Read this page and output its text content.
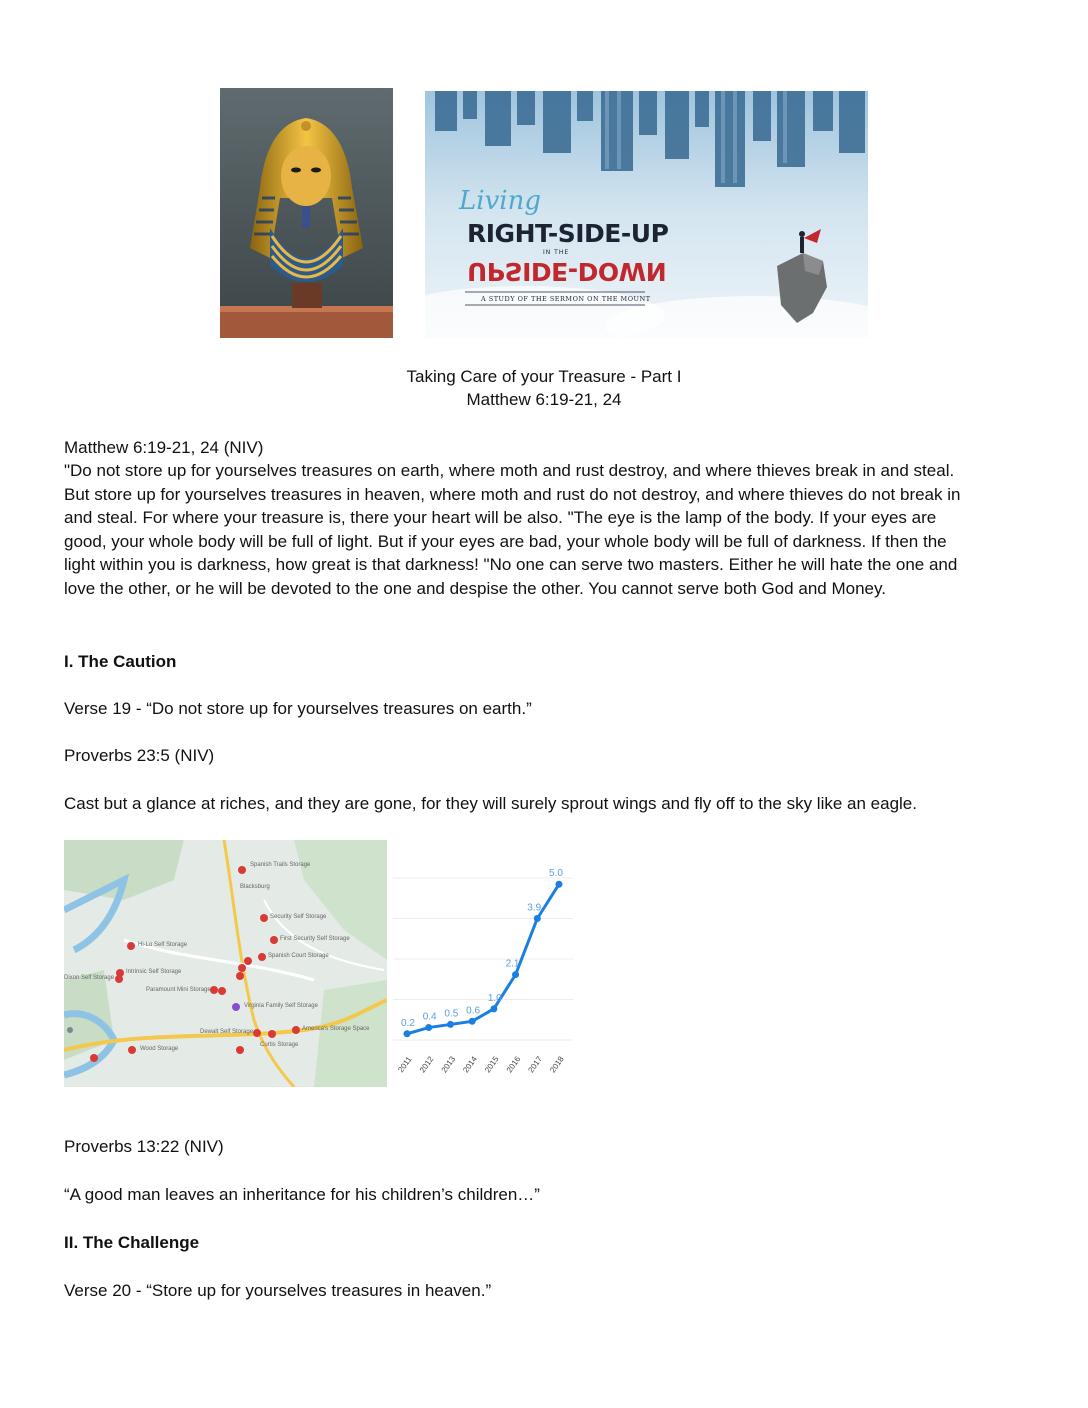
Living
RIGHT-SIDE-UP
IN THE
UPSIDE-DOWN
A STUDY OF THE SERMON ON THE MOUNT
Taking Care of your Treasure - Part I
Matthew 6:19-21, 24
Matthew 6:19-21, 24 (NIV)
"Do not store up for yourselves treasures on earth, where moth and rust destroy, and where thieves break in and steal.
But store up for yourselves treasures in heaven, where moth and rust do not destroy, and where thieves do not break in
and steal. For where your treasure is, there your heart will be also. "The eye is the lamp of the body. If your eyes are
good, your whole body will be full of light. But if your eyes are bad, your whole body will be full of darkness. If then the
light within you is darkness, how great is that darkness! "No one can serve two masters. Either he will hate the one and
love the other, or he will be devoted to the one and despise the other. You cannot serve both God and Money.
I. The Caution
Verse 19 - “Do not store up for yourselves treasures on earth.”
Proverbs 23:5 (NIV)
Cast but a glance at riches, and they are gone, for they will surely sprout wings and fly off to the sky like an eagle.
Spanish Trails Storage
Security Self Storage
First Security Self Storage
Hi-Lo Self Storage
Spanish Court Storage
Intrinsic Self Storage
Dixon Self Storage
Paramount Mini Storage
Virginia Family Self Storage
Dewalt Self Storage	America's Storage Space
Curtis Storage
Wood Storage
Blacksburg
0.2
2011
0.4
2012
0.5
2013
0.6
2014
1.0
2015
2.1
2016
3.9
2017
5.0
2018
Proverbs 13:22 (NIV)
“A good man leaves an inheritance for his children’s children…”
II. The Challenge
Verse 20 - “Store up for yourselves treasures in heaven.”
